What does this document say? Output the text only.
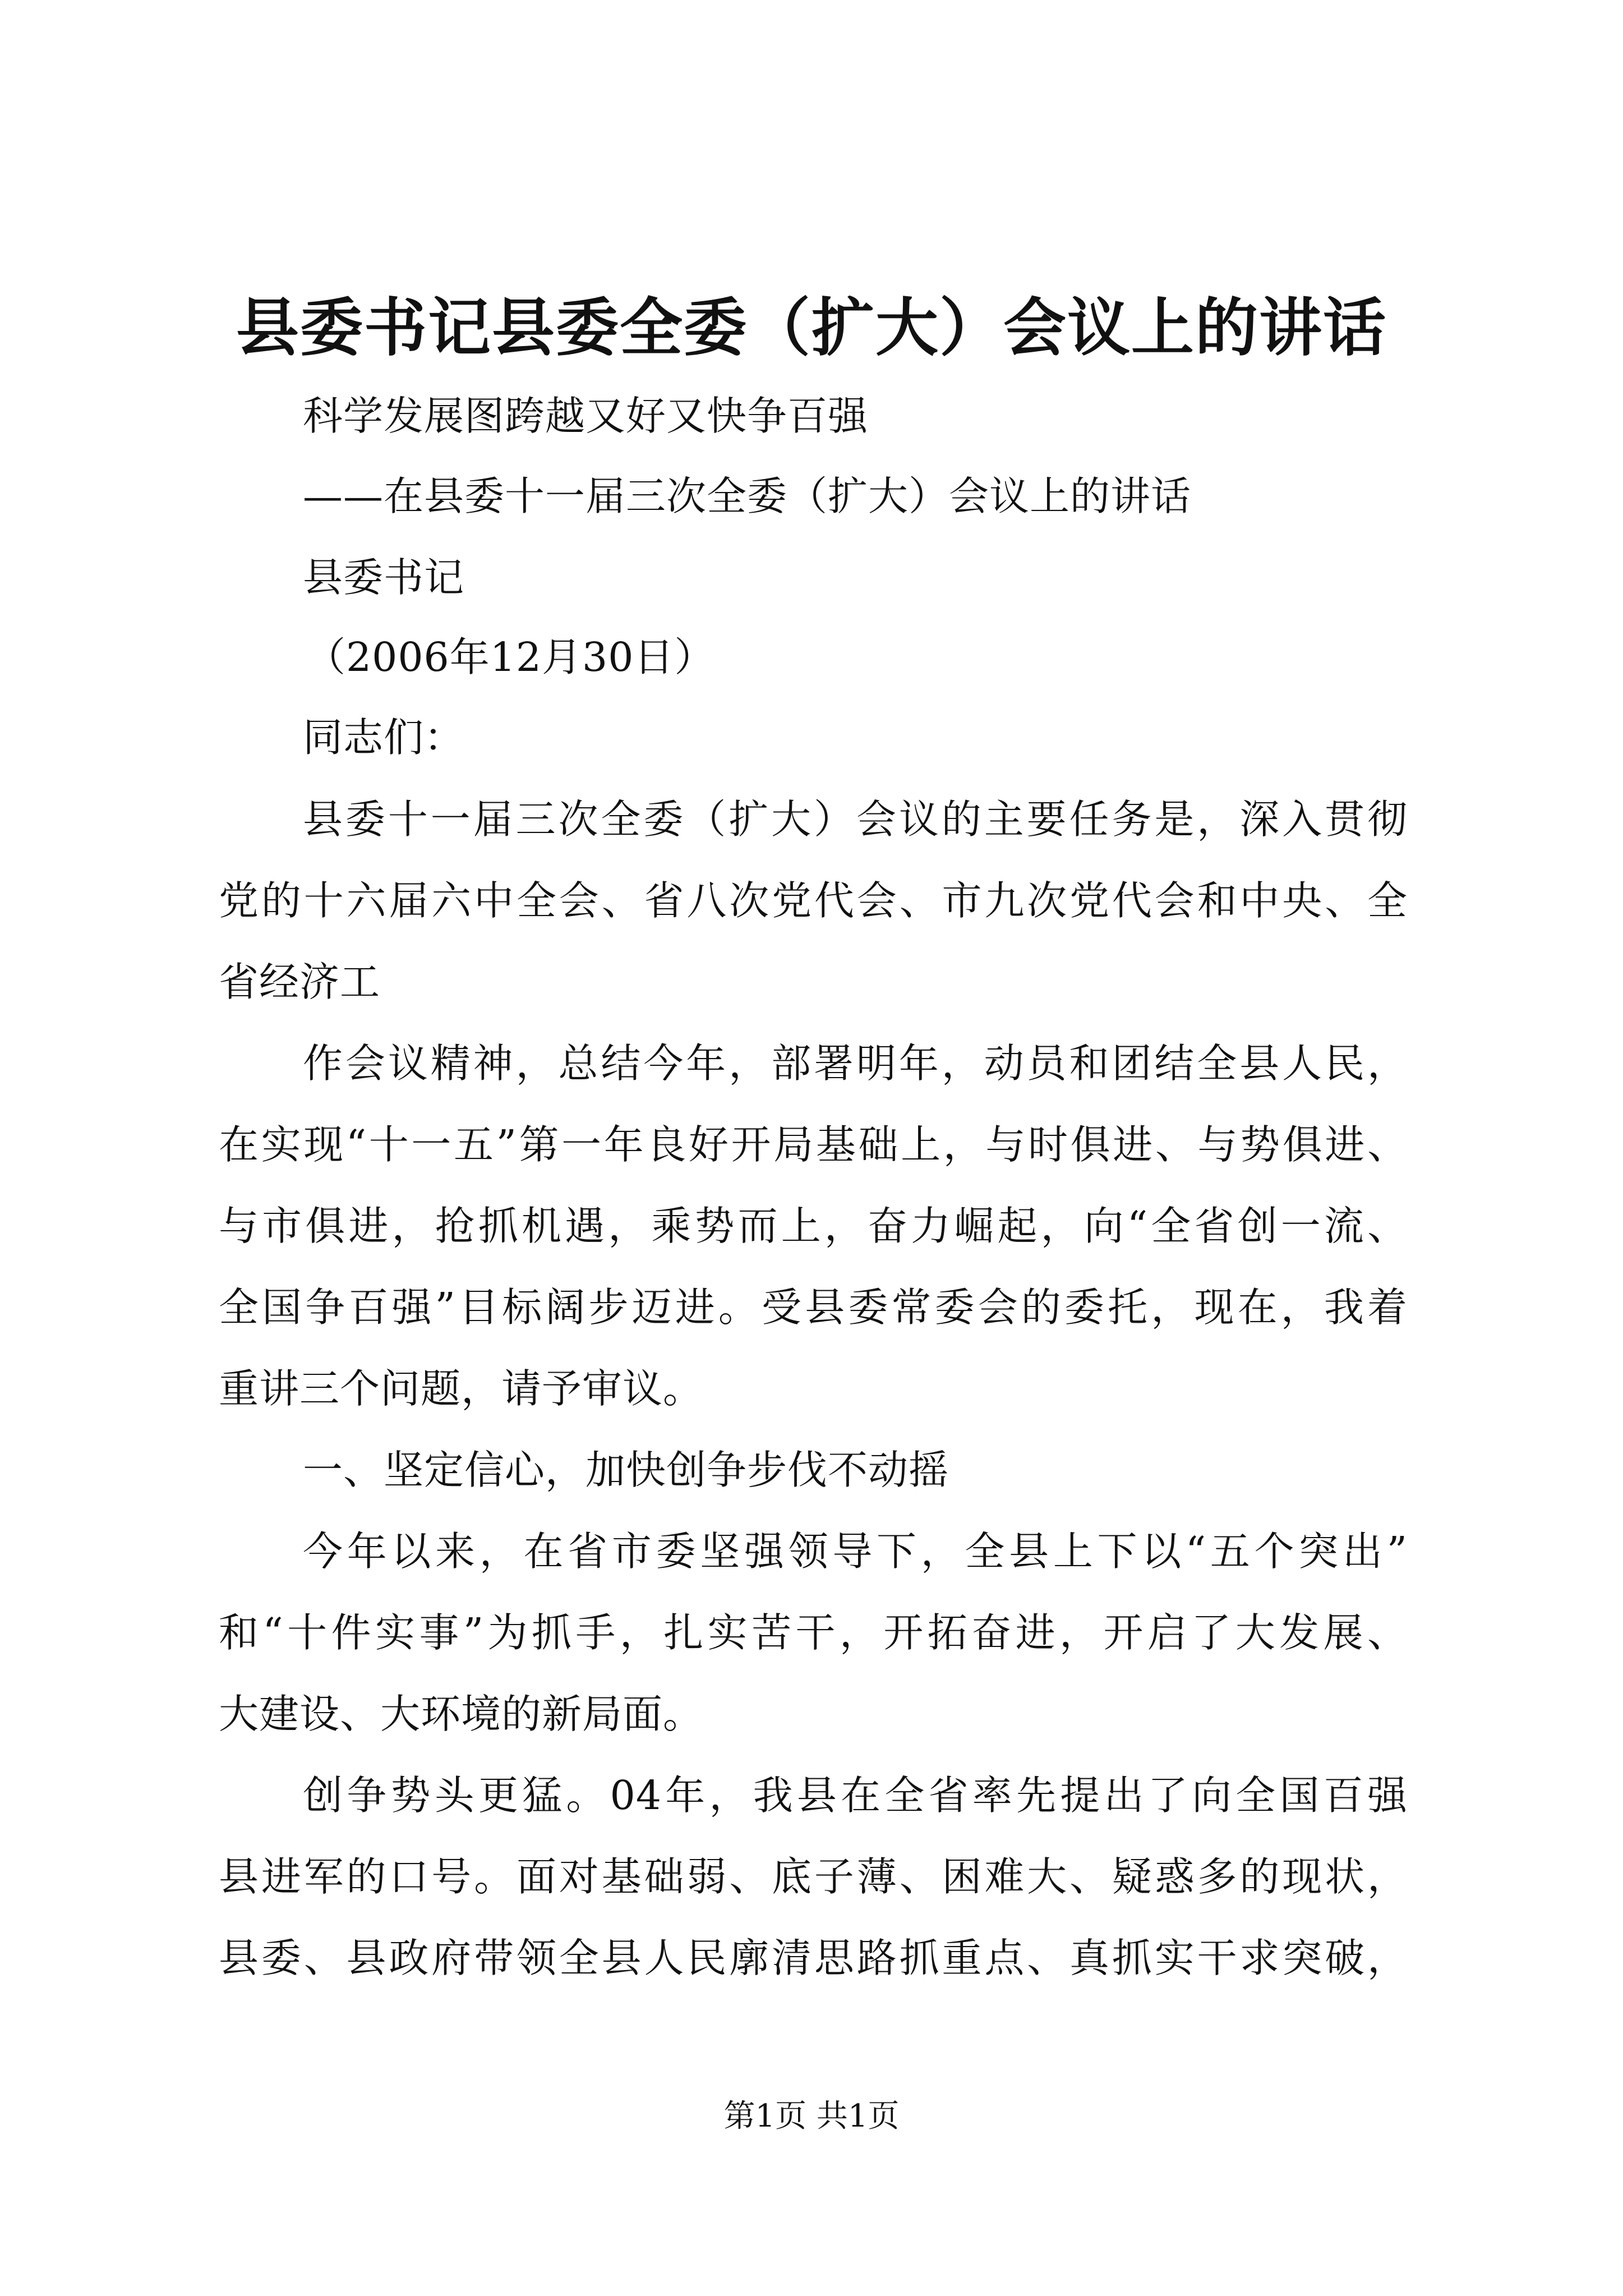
县委书记县委全委（扩大）会议上的讲话
科学发展图跨越又好又快争百强
——在县委十一届三次全委（扩大）会议上的讲话
县委书记
（2006年12月30日）
同志们：
县委十一届三次全委（扩大）会议的主要任务是，深入贯彻
党的十六届六中全会、省八次党代会、市九次党代会和中央、全
省经济工
作会议精神，总结今年，部署明年，动员和团结全县人民，
在实现“十一五”第一年良好开局基础上，与时俱进、与势俱进、
与市俱进，抢抓机遇，乘势而上，奋力崛起，向“全省创一流、
全国争百强”目标阔步迈进。受县委常委会的委托，现在，我着
重讲三个问题，请予审议。
一、坚定信心，加快创争步伐不动摇
今年以来，在省市委坚强领导下，全县上下以“五个突出”
和“十件实事”为抓手，扎实苦干，开拓奋进，开启了大发展、
大建设、大环境的新局面。
创争势头更猛。04年，我县在全省率先提出了向全国百强
县进军的口号。面对基础弱、底子薄、困难大、疑惑多的现状，
县委、县政府带领全县人民廓清思路抓重点、真抓实干求突破，
第1页 共1页
